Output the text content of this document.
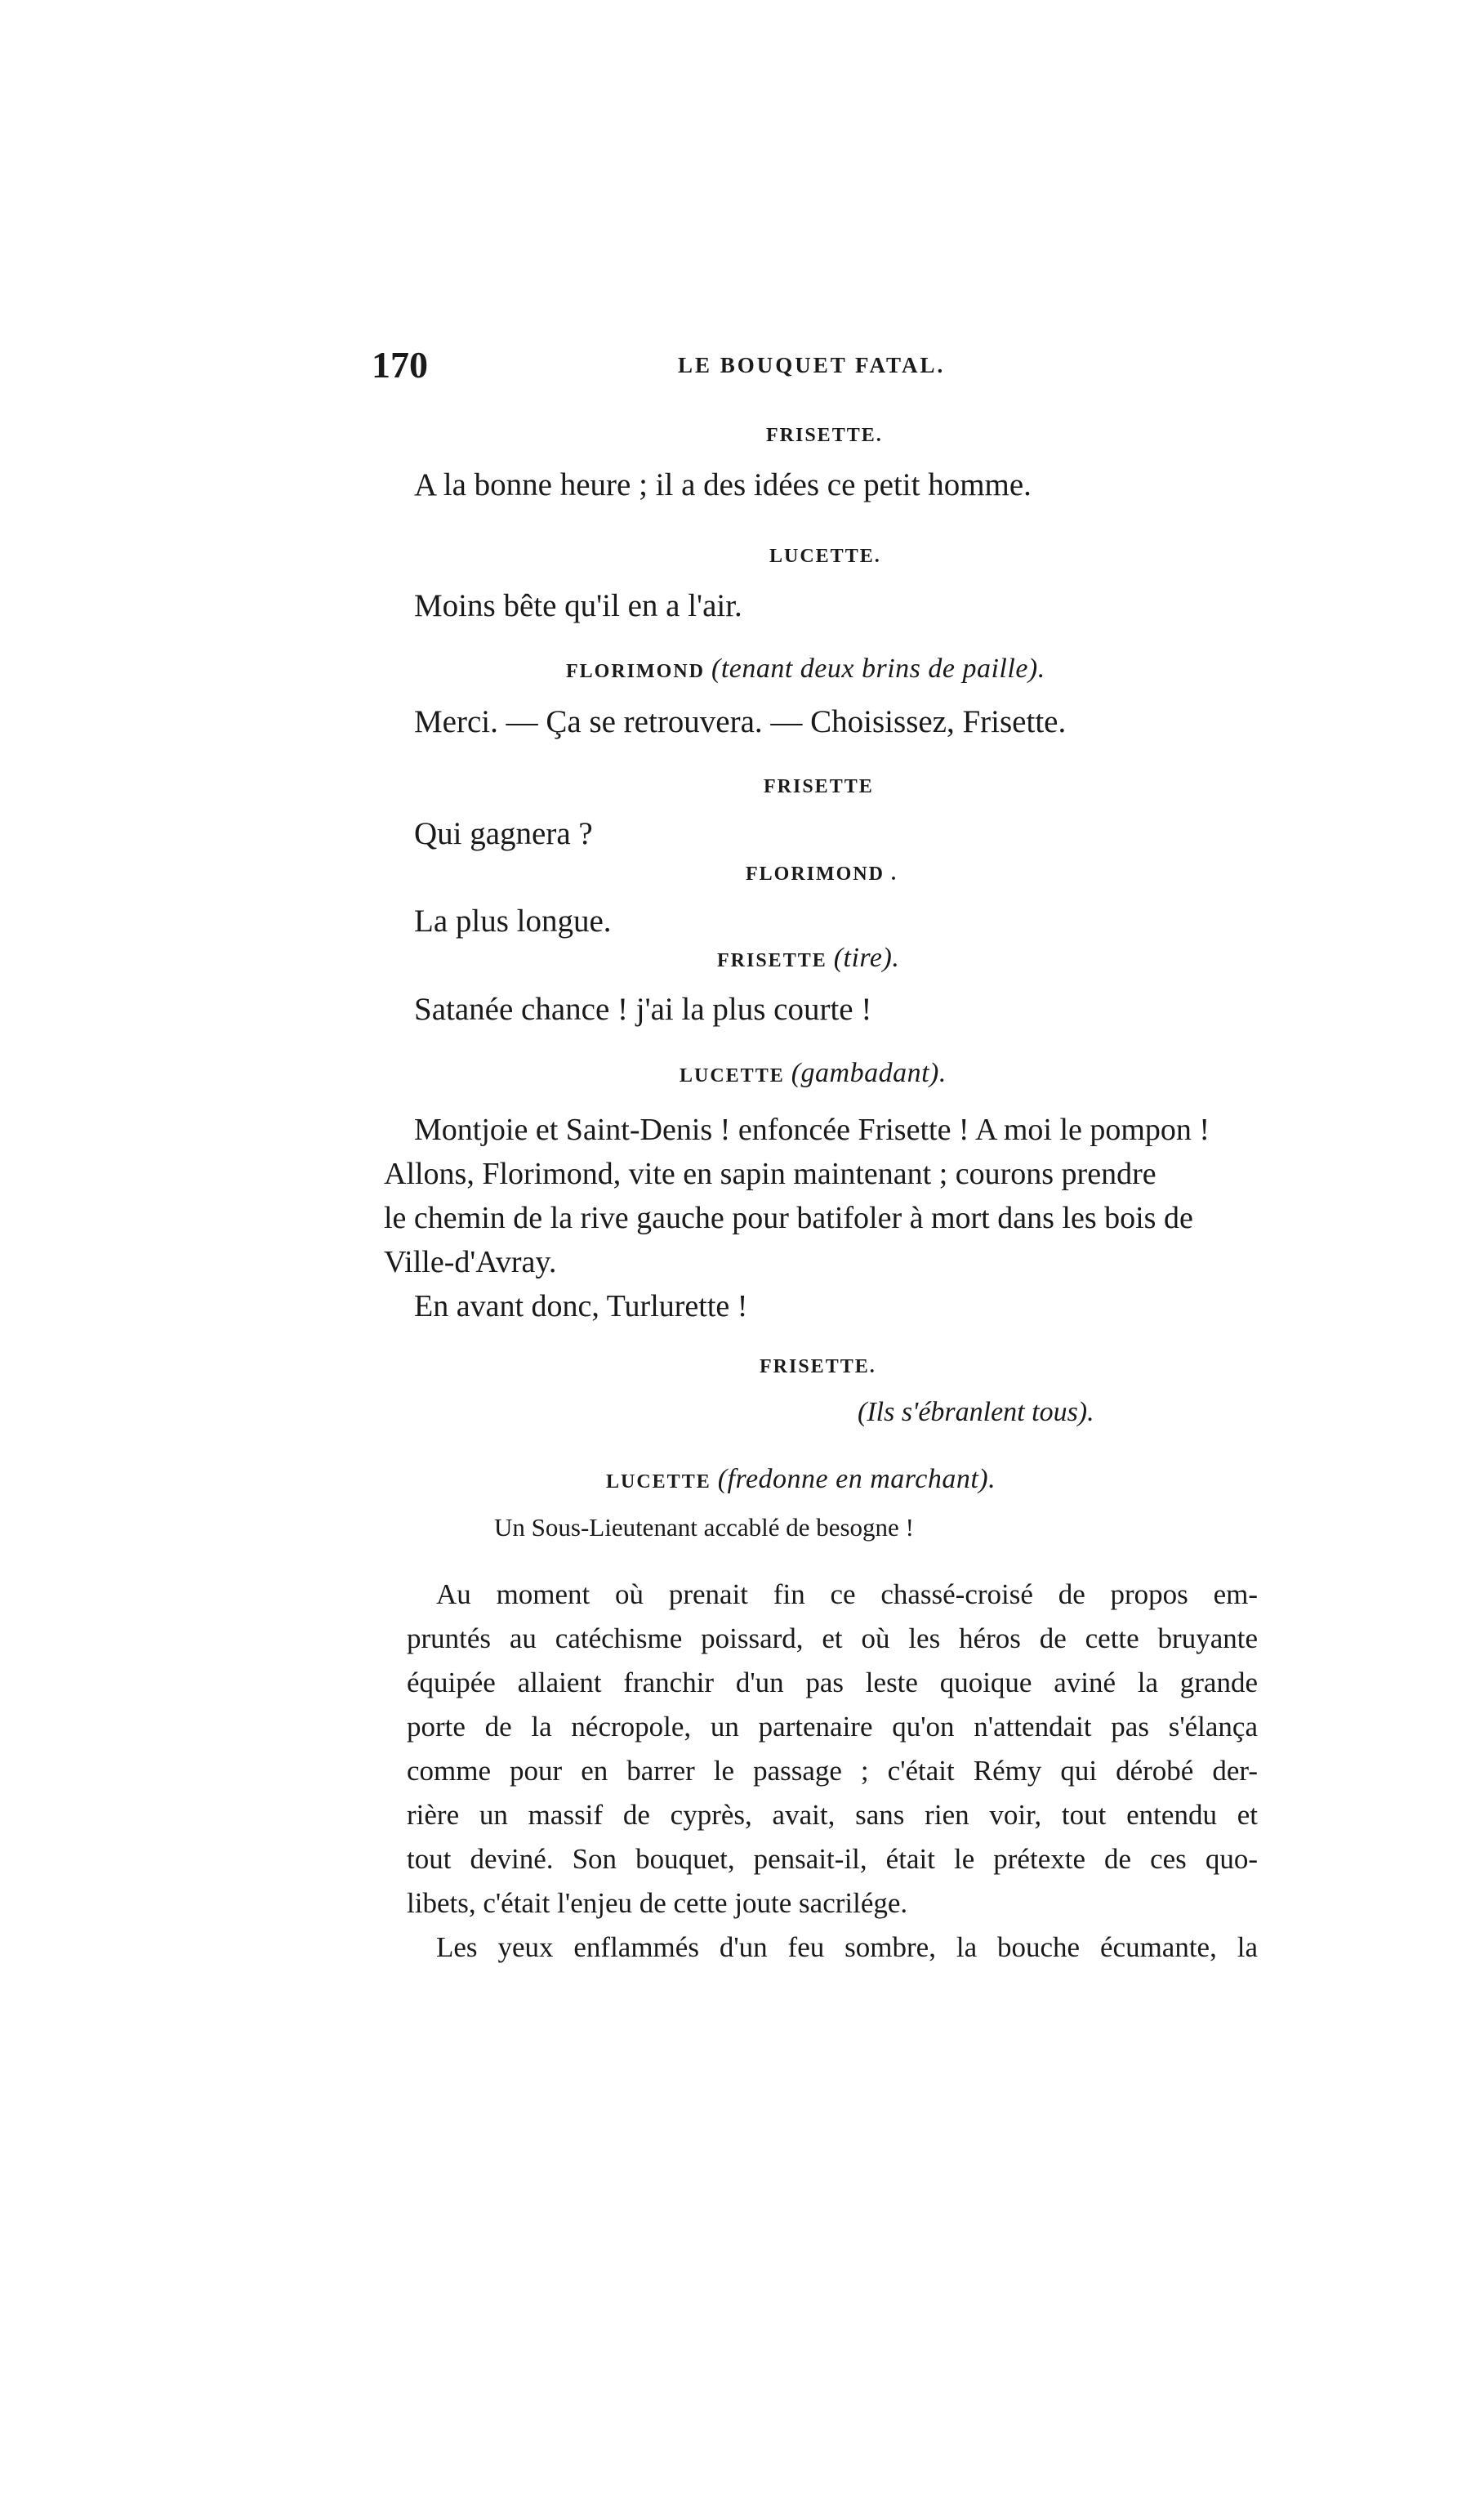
170	LE BOUQUET FATAL.
FRISETTE.
A la bonne heure ; il a des idées ce petit homme.
LUCETTE.
Moins bête qu'il en a l'air.
FLORIMOND (tenant deux brins de paille).
Merci. — Ça se retrouvera. — Choisissez, Frisette.
FRISETTE
Qui gagnera ?
FLORIMOND .
La plus longue.
FRISETTE (tire).
Satanée chance ! j'ai la plus courte !
LUCETTE (gambadant).
Montjoie et Saint-Denis ! enfoncée Frisette ! A moi le pompon !
Allons, Florimond, vite en sapin maintenant ; courons prendre
le chemin de la rive gauche pour batifoler à mort dans les bois de
Ville-d'Avray.
En avant donc, Turlurette !
FRISETTE.
(Ils s'ébranlent tous).
LUCETTE (fredonne en marchant).
Un Sous-Lieutenant accablé de besogne !
Au moment où prenait fin ce chassé-croisé de propos em-
pruntés au catéchisme poissard, et où les héros de cette bruyante
équipée allaient franchir d'un pas leste quoique aviné la grande
porte de la nécropole, un partenaire qu'on n'attendait pas s'élança
comme pour en barrer le passage ; c'était Rémy qui dérobé der-
rière un massif de cyprès, avait, sans rien voir, tout entendu et
tout deviné. Son bouquet, pensait-il, était le prétexte de ces quo-
libets, c'était l'enjeu de cette joute sacrilége.
Les yeux enflammés d'un feu sombre, la bouche écumante, la
